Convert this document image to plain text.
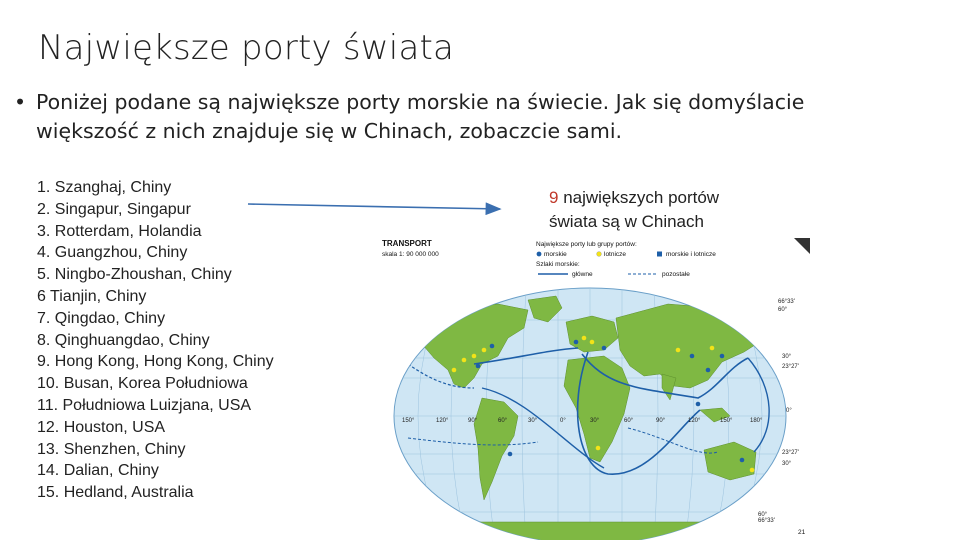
Największe porty świata
• Poniżej podane są największe porty morskie na świecie. Jak się domyślacie większość z nich znajduje się w Chinach, zobaczcie sami.
1. Szanghaj, Chiny
2. Singapur, Singapur
3. Rotterdam, Holandia
4. Guangzhou, Chiny
5. Ningbo-Zhoushan, Chiny
6 Tianjin, Chiny
7. Qingdao, Chiny
8. Qinghuangdao, Chiny
9. Hong Kong, Hong Kong, Chiny
10. Busan, Korea Południowa
11. Południowa Luizjana, USA
12. Houston, USA
13. Shenzhen, Chiny
14. Dalian, Chiny
15. Hedland, Australia
9 największych portów
świata są w Chinach
TRANSPORT
skala 1: 90 000 000
Największe porty lub grupy portów:
morskie	lotnicze	morskie i lotnicze
Szlaki morskie:
główne	pozostałe
66°33'
60°
30°
23°27'
0°
23°27'
30°
60°
66°33'
150°	120°	90°	60°	30°	0°	30°	60°	90°	120°	150°	180°
21
